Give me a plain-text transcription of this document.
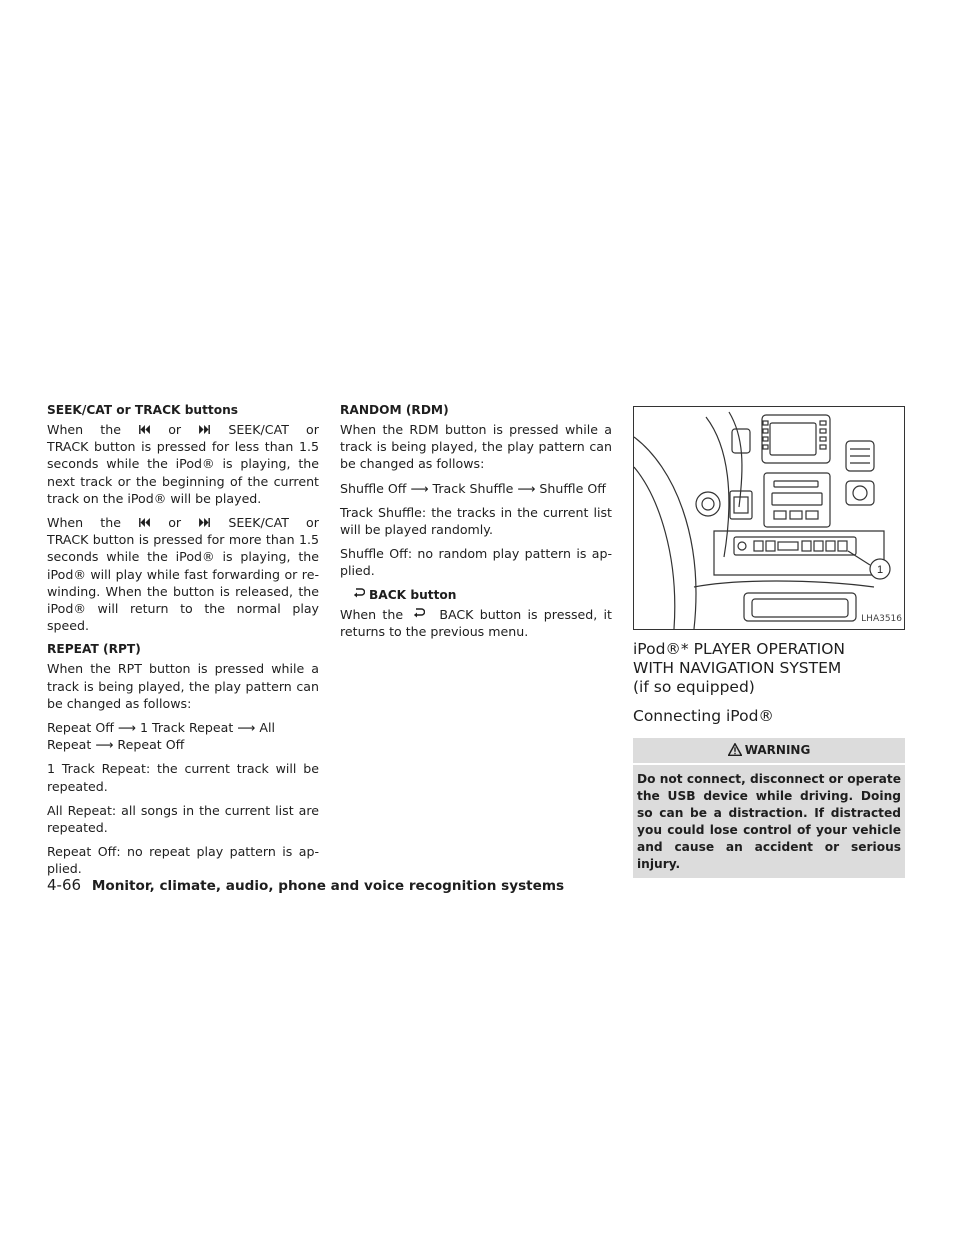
SEEK/CAT or TRACK buttons
When the	or	SEEK/CAT or

TRACK button is pressed for less than 1.5 seconds while the iPod® is playing, the next track or the beginning of the current track on the iPod® will be played.

When the	or	SEEK/CAT or

TRACK button is pressed for more than 1.5 seconds while the iPod® is playing, the iPod® will play while fast forwarding or re-winding. When the button is released, the iPod® will return to the normal play speed.

REPEAT (RPT)

When the RPT button is pressed while a track is being played, the play pattern can be changed as follows:

Repeat Off ⟶ 1 Track Repeat ⟶ All Repeat ⟶ Repeat Off

1 Track Repeat: the current track will be repeated.

All Repeat: all songs in the current list are repeated.

Repeat Off: no repeat play pattern is ap-plied.

RANDOM (RDM)

When the RDM button is pressed while a track is being played, the play pattern can be changed as follows:

Shuffle Off ⟶ Track Shuffle ⟶ Shuffle Off

Track Shuffle: the tracks in the current list will be played randomly.

Shuffle Off: no random play pattern is ap-plied.

BACK button

When the	BACK button is pressed, it returns to the previous menu.

1
LHA3516
iPod®* PLAYER OPERATION
WITH NAVIGATION SYSTEM
(if so equipped)
Connecting iPod®
WARNING
Do not connect, disconnect or operate the USB device while driving. Doing so can be a distraction. If distracted you could lose control of your vehicle and cause an accident or serious injury.
4-66 Monitor, climate, audio, phone and voice recognition systems
